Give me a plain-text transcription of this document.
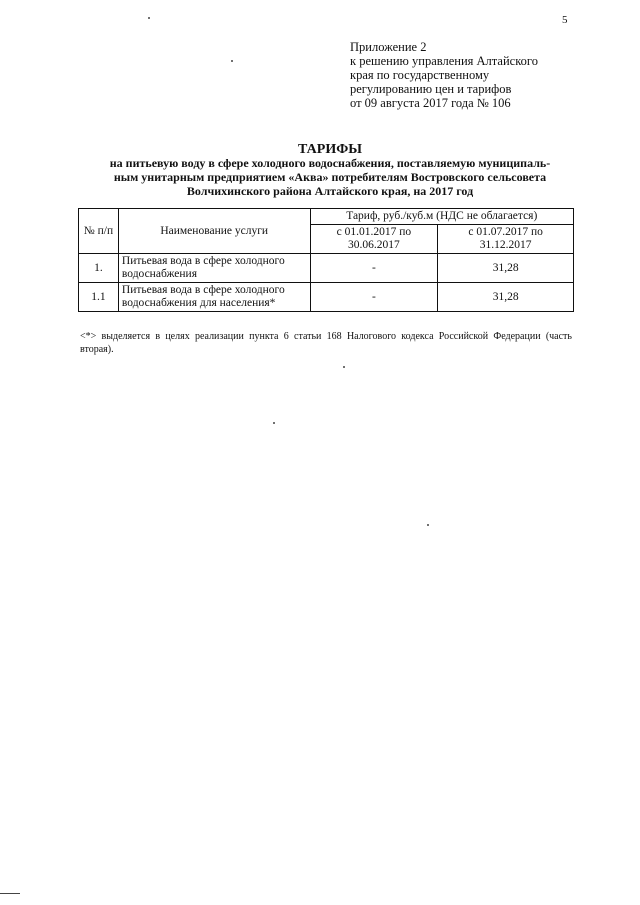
5
Приложение 2
к решению управления Алтайского
края по государственному
регулированию цен и тарифов
от 09 августа 2017 года № 106
ТАРИФЫ
на питьевую воду в сфере холодного водоснабжения, поставляемую муниципаль-
ным унитарным предприятием «Аква» потребителям Востровского сельсовета
Волчихинского района Алтайского края, на 2017 год
№ п/п	Наименование услуги	Тариф, руб./куб.м (НДС не облагается)	
		с 01.01.2017 по 30.06.2017	с 01.07.2017 по 31.12.2017
1.	Питьевая вода в сфере холодного водоснабжения	-	31,28
1.1	Питьевая вода в сфере холодного водоснабжения для населения*	-	31,28
<*> выделяется в целях реализации пункта 6 статьи 168 Налогового кодекса Российской Федерации (часть вторая).
